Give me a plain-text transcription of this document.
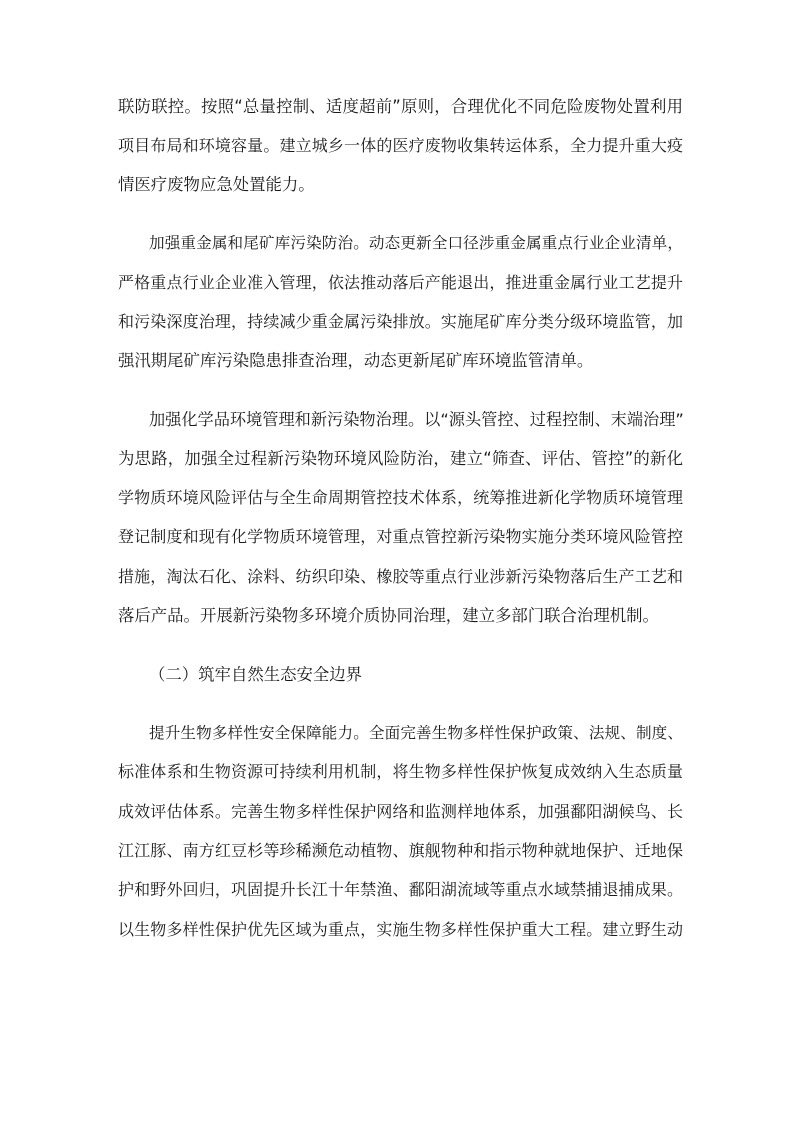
联防联控。按照“总量控制、适度超前”原则，合理优化不同危险废物处置利用
项目布局和环境容量。建立城乡一体的医疗废物收集转运体系，全力提升重大疫
情医疗废物应急处置能力。
加强重金属和尾矿库污染防治。动态更新全口径涉重金属重点行业企业清单，
严格重点行业企业准入管理，依法推动落后产能退出，推进重金属行业工艺提升
和污染深度治理，持续减少重金属污染排放。实施尾矿库分类分级环境监管，加
强汛期尾矿库污染隐患排查治理，动态更新尾矿库环境监管清单。
加强化学品环境管理和新污染物治理。以“源头管控、过程控制、末端治理”
为思路，加强全过程新污染物环境风险防治，建立“筛查、评估、管控”的新化
学物质环境风险评估与全生命周期管控技术体系，统筹推进新化学物质环境管理
登记制度和现有化学物质环境管理，对重点管控新污染物实施分类环境风险管控
措施，淘汰石化、涂料、纺织印染、橡胶等重点行业涉新污染物落后生产工艺和
落后产品。开展新污染物多环境介质协同治理，建立多部门联合治理机制。
（二）筑牢自然生态安全边界
提升生物多样性安全保障能力。全面完善生物多样性保护政策、法规、制度、
标准体系和生物资源可持续利用机制，将生物多样性保护恢复成效纳入生态质量
成效评估体系。完善生物多样性保护网络和监测样地体系，加强鄱阳湖候鸟、长
江江豚、南方红豆杉等珍稀濒危动植物、旗舰物种和指示物种就地保护、迁地保
护和野外回归，巩固提升长江十年禁渔、鄱阳湖流域等重点水域禁捕退捕成果。
以生物多样性保护优先区域为重点，实施生物多样性保护重大工程。建立野生动
